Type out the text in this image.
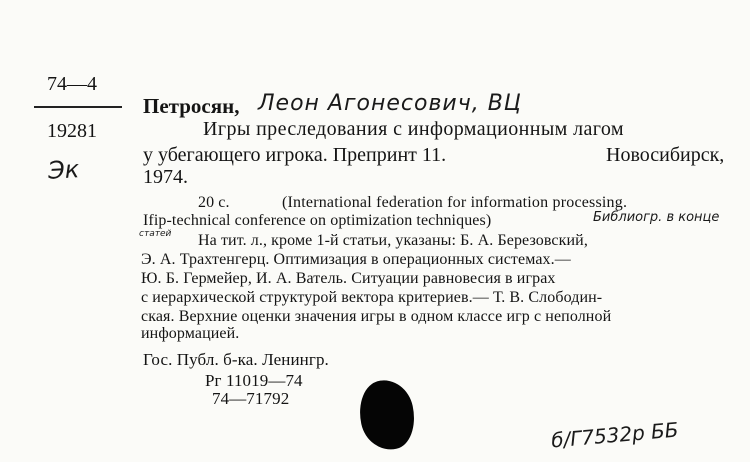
74—4
19281
Эк
Петросян, Леон Агонесович, ВЦ
Игры преследования с информационным лагом
у убегающего игрока. Препринт 11.	Новосибирск,
1974.
20 с.	(International federation for information processing.
Ifip-technical conference on optimization techniques)	Библиогр. в конце
статей На тит. л., кроме 1-й статьи, указаны: Б. А. Березовский,
Э. А. Трахтенгерц. Оптимизация в операционных системах.—
Ю. Б. Гермейер, И. А. Ватель. Ситуации равновесия в играх
с иерархической структурой вектора критериев.— Т. В. Слободин-
ская. Верхние оценки значения игры в одном классе игр с неполной
информацией.
Гос. Публ. б-ка. Ленингр.
Рг 11019—74
74—71792
б/Г7532р ББ
